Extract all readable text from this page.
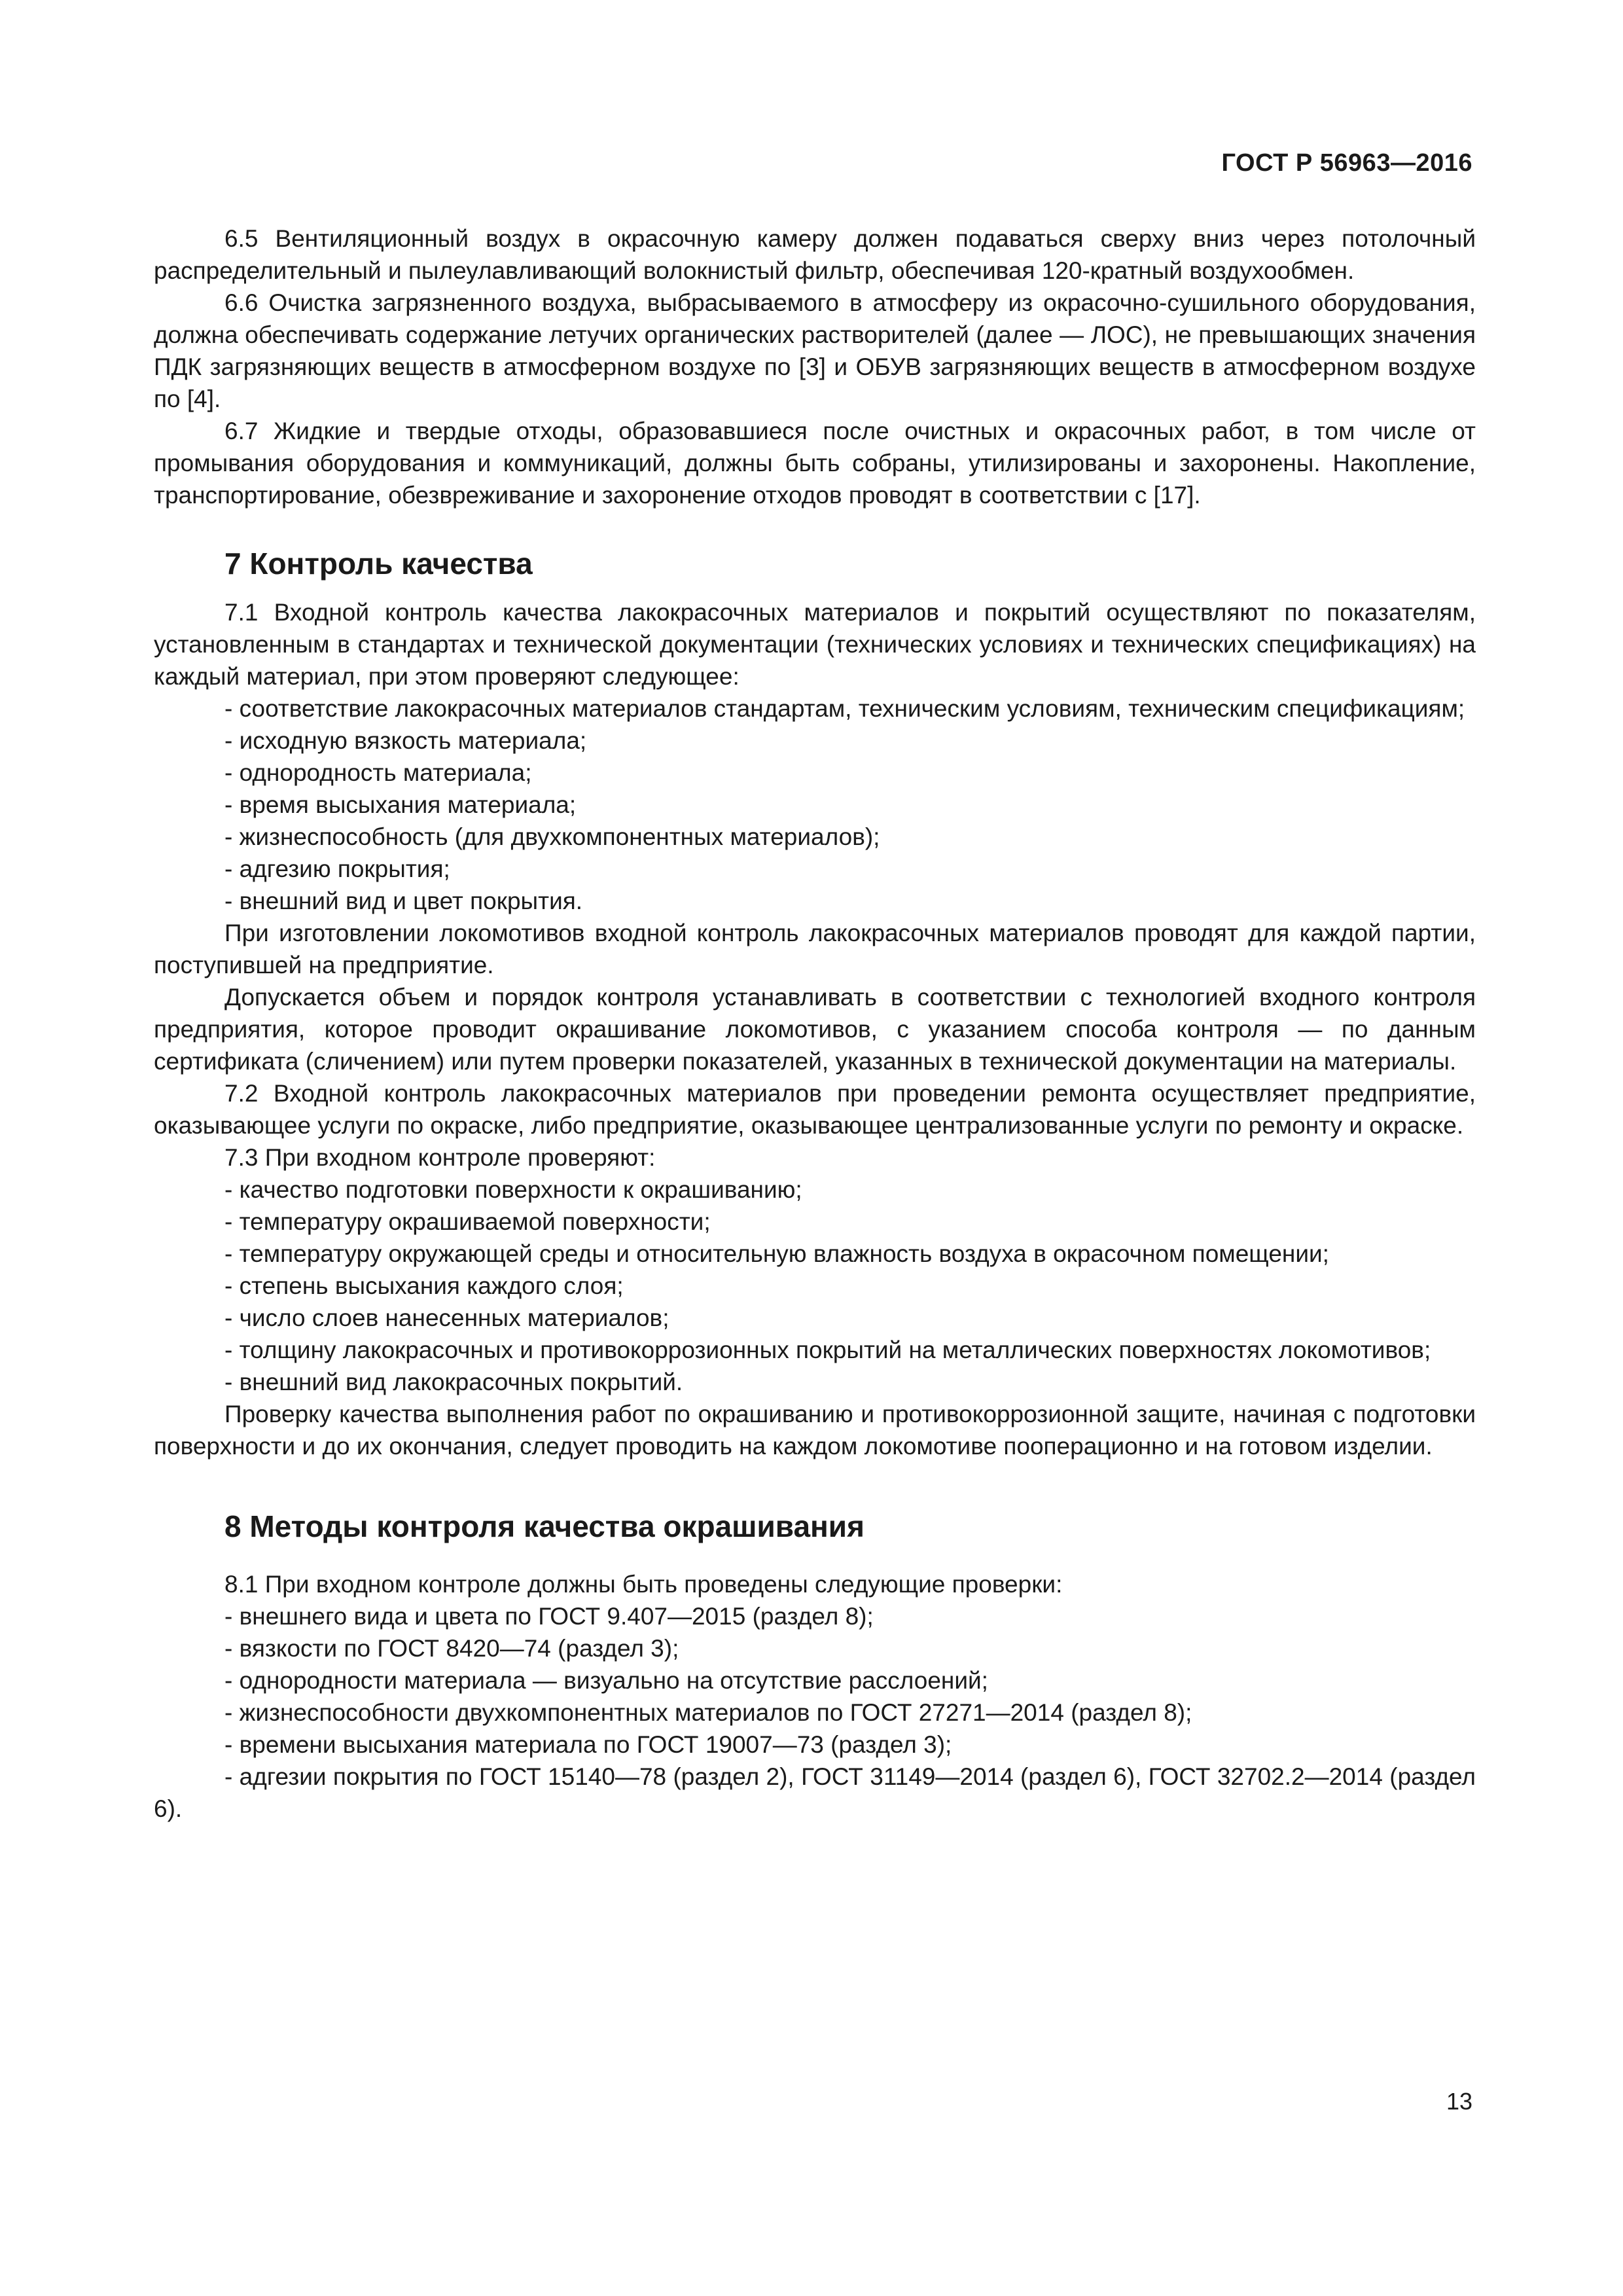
ГОСТ Р 56963—2016

6.5 Вентиляционный воздух в окрасочную камеру должен подаваться сверху вниз через потолочный распределительный и пылеулавливающий волокнистый фильтр, обеспечивая 120-кратный воздухообмен.

6.6 Очистка загрязненного воздуха, выбрасываемого в атмосферу из окрасочно-сушильного оборудования, должна обеспечивать содержание летучих органических растворителей (далее — ЛОС), не превышающих значения ПДК загрязняющих веществ в атмосферном воздухе по [3] и ОБУВ загрязняющих веществ в атмосферном воздухе по [4].

6.7 Жидкие и твердые отходы, образовавшиеся после очистных и окрасочных работ, в том числе от промывания оборудования и коммуникаций, должны быть собраны, утилизированы и захоронены. Накопление, транспортирование, обезвреживание и захоронение отходов проводят в соответствии с [17].

7 Контроль качества

7.1 Входной контроль качества лакокрасочных материалов и покрытий осуществляют по показателям, установленным в стандартах и технической документации (технических условиях и технических спецификациях) на каждый материал, при этом проверяют следующее:

- соответствие лакокрасочных материалов стандартам, техническим условиям, техническим спецификациям;

- исходную вязкость материала;

- однородность материала;

- время высыхания материала;

- жизнеспособность (для двухкомпонентных материалов);

- адгезию покрытия;

- внешний вид и цвет покрытия.

При изготовлении локомотивов входной контроль лакокрасочных материалов проводят для каждой партии, поступившей на предприятие.

Допускается объем и порядок контроля устанавливать в соответствии с технологией входного контроля предприятия, которое проводит окрашивание локомотивов, с указанием способа контроля — по данным сертификата (сличением) или путем проверки показателей, указанных в технической документации на материалы.

7.2 Входной контроль лакокрасочных материалов при проведении ремонта осуществляет предприятие, оказывающее услуги по окраске, либо предприятие, оказывающее централизованные услуги по ремонту и окраске.

7.3 При входном контроле проверяют:

- качество подготовки поверхности к окрашиванию;

- температуру окрашиваемой поверхности;

- температуру окружающей среды и относительную влажность воздуха в окрасочном помещении;

- степень высыхания каждого слоя;

- число слоев нанесенных материалов;

- толщину лакокрасочных и противокоррозионных покрытий на металлических поверхностях локомотивов;

- внешний вид лакокрасочных покрытий.

Проверку качества выполнения работ по окрашиванию и противокоррозионной защите, начиная с подготовки поверхности и до их окончания, следует проводить на каждом локомотиве пооперационно и на готовом изделии.

8 Методы контроля качества окрашивания

8.1 При входном контроле должны быть проведены следующие проверки:

- внешнего вида и цвета по ГОСТ 9.407—2015 (раздел 8);

- вязкости по ГОСТ 8420—74 (раздел 3);

- однородности материала — визуально на отсутствие расслоений;

- жизнеспособности двухкомпонентных материалов по ГОСТ 27271—2014 (раздел 8);

- времени высыхания материала по ГОСТ 19007—73 (раздел 3);

- адгезии покрытия по ГОСТ 15140—78 (раздел 2), ГОСТ 31149—2014 (раздел 6), ГОСТ 32702.2—2014 (раздел 6).

13
